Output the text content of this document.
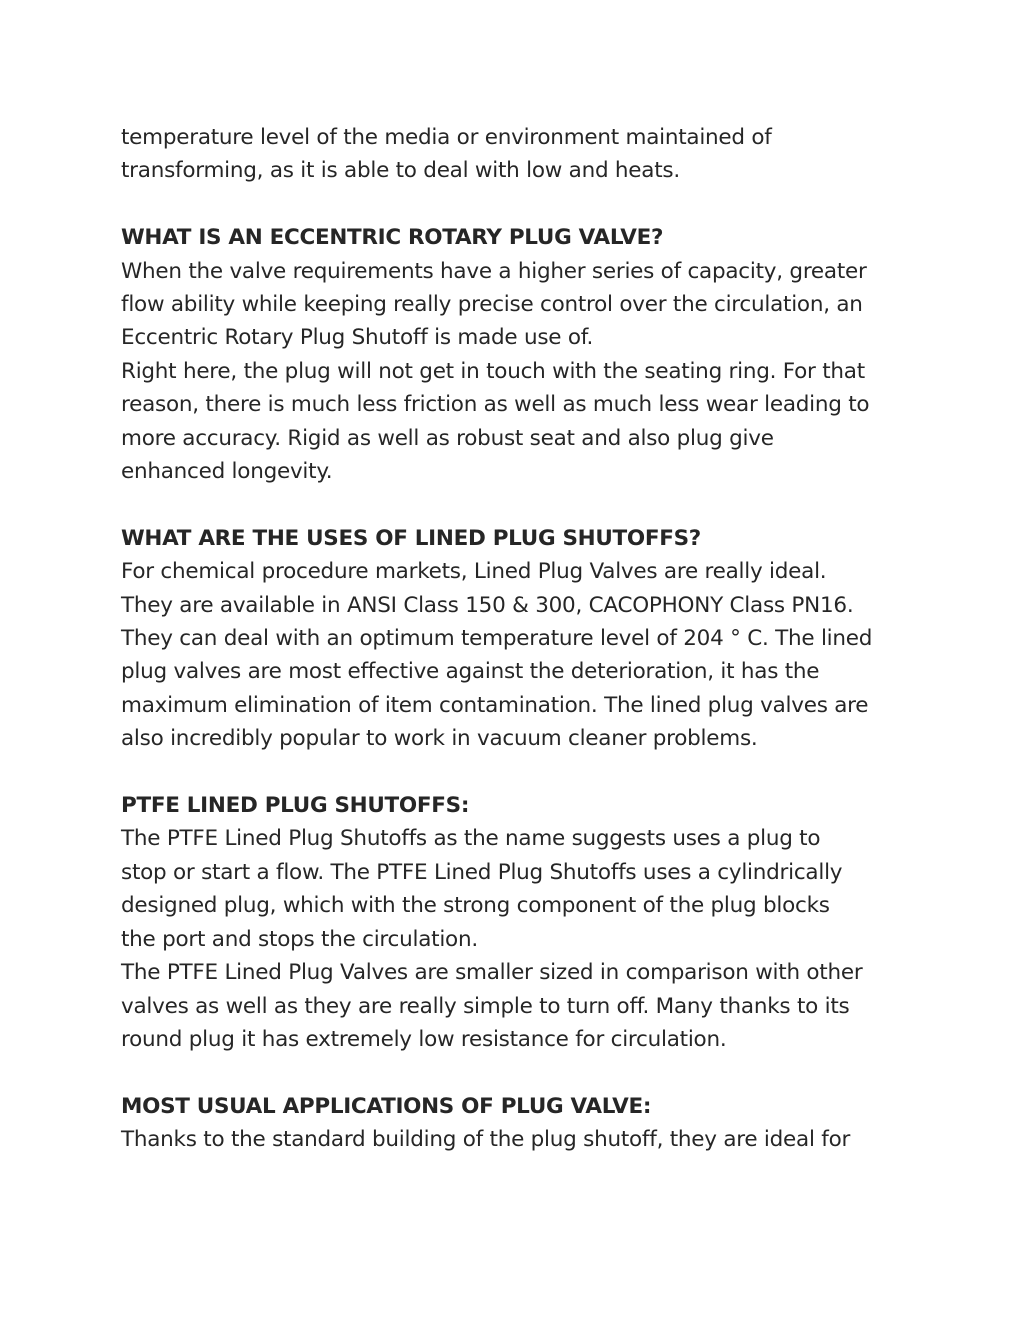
temperature level of the media or environment maintained of
transforming, as it is able to deal with low and heats.
WHAT IS AN ECCENTRIC ROTARY PLUG VALVE?
When the valve requirements have a higher series of capacity, greater
flow ability while keeping really precise control over the circulation, an
Eccentric Rotary Plug Shutoff is made use of.
Right here, the plug will not get in touch with the seating ring. For that
reason, there is much less friction as well as much less wear leading to
more accuracy. Rigid as well as robust seat and also plug give
enhanced longevity.
WHAT ARE THE USES OF LINED PLUG SHUTOFFS?
For chemical procedure markets, Lined Plug Valves are really ideal.
They are available in ANSI Class 150 & 300, CACOPHONY Class PN16.
They can deal with an optimum temperature level of 204 ° C. The lined
plug valves are most effective against the deterioration, it has the
maximum elimination of item contamination. The lined plug valves are
also incredibly popular to work in vacuum cleaner problems.
PTFE LINED PLUG SHUTOFFS:
The PTFE Lined Plug Shutoffs as the name suggests uses a plug to
stop or start a flow. The PTFE Lined Plug Shutoffs uses a cylindrically
designed plug, which with the strong component of the plug blocks
the port and stops the circulation.
The PTFE Lined Plug Valves are smaller sized in comparison with other
valves as well as they are really simple to turn off. Many thanks to its
round plug it has extremely low resistance for circulation.
MOST USUAL APPLICATIONS OF PLUG VALVE:
Thanks to the standard building of the plug shutoff, they are ideal for
